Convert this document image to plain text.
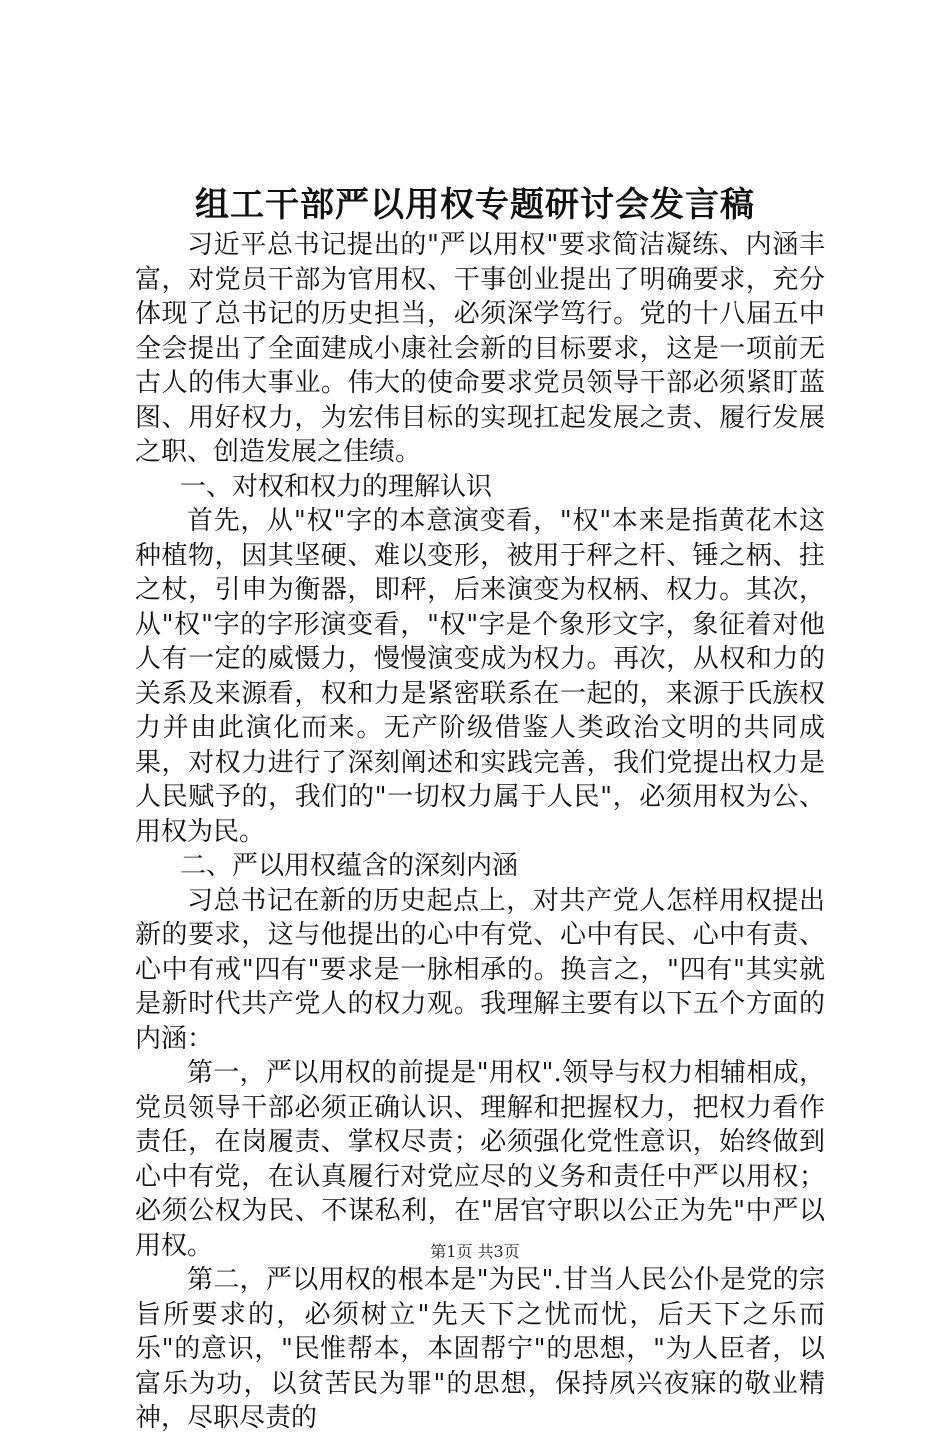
组工干部严以用权专题研讨会发言稿

习近平总书记提出的"严以用权"要求简洁凝练、内涵丰富，对党员干部为官用权、干事创业提出了明确要求，充分体现了总书记的历史担当，必须深学笃行。党的十八届五中全会提出了全面建成小康社会新的目标要求，这是一项前无古人的伟大事业。伟大的使命要求党员领导干部必须紧盯蓝图、用好权力，为宏伟目标的实现扛起发展之责、履行发展之职、创造发展之佳绩。

一、对权和权力的理解认识

首先，从"权"字的本意演变看，"权"本来是指黄花木这种植物，因其坚硬、难以变形，被用于秤之杆、锤之柄、拄之杖，引申为衡器，即秤，后来演变为权柄、权力。其次，从"权"字的字形演变看，"权"字是个象形文字，象征着对他人有一定的威慑力，慢慢演变成为权力。再次，从权和力的关系及来源看，权和力是紧密联系在一起的，来源于氏族权力并由此演化而来。无产阶级借鉴人类政治文明的共同成果，对权力进行了深刻阐述和实践完善，我们党提出权力是人民赋予的，我们的"一切权力属于人民"，必须用权为公、用权为民。

二、严以用权蕴含的深刻内涵

习总书记在新的历史起点上，对共产党人怎样用权提出新的要求，这与他提出的心中有党、心中有民、心中有责、心中有戒"四有"要求是一脉相承的。换言之，"四有"其实就是新时代共产党人的权力观。我理解主要有以下五个方面的内涵：

第一，严以用权的前提是"用权".领导与权力相辅相成，党员领导干部必须正确认识、理解和把握权力，把权力看作责任，在岗履责、掌权尽责；必须强化党性意识，始终做到心中有党，在认真履行对党应尽的义务和责任中严以用权；必须公权为民、不谋私利，在"居官守职以公正为先"中严以用权。

第二，严以用权的根本是"为民".甘当人民公仆是党的宗旨所要求的，必须树立"先天下之忧而忧，后天下之乐而乐"的意识，"民惟帮本，本固帮宁"的思想，"为人臣者，以富乐为功，以贫苦民为罪"的思想，保持夙兴夜寐的敬业精神，尽职尽责的

第1页 共3页
